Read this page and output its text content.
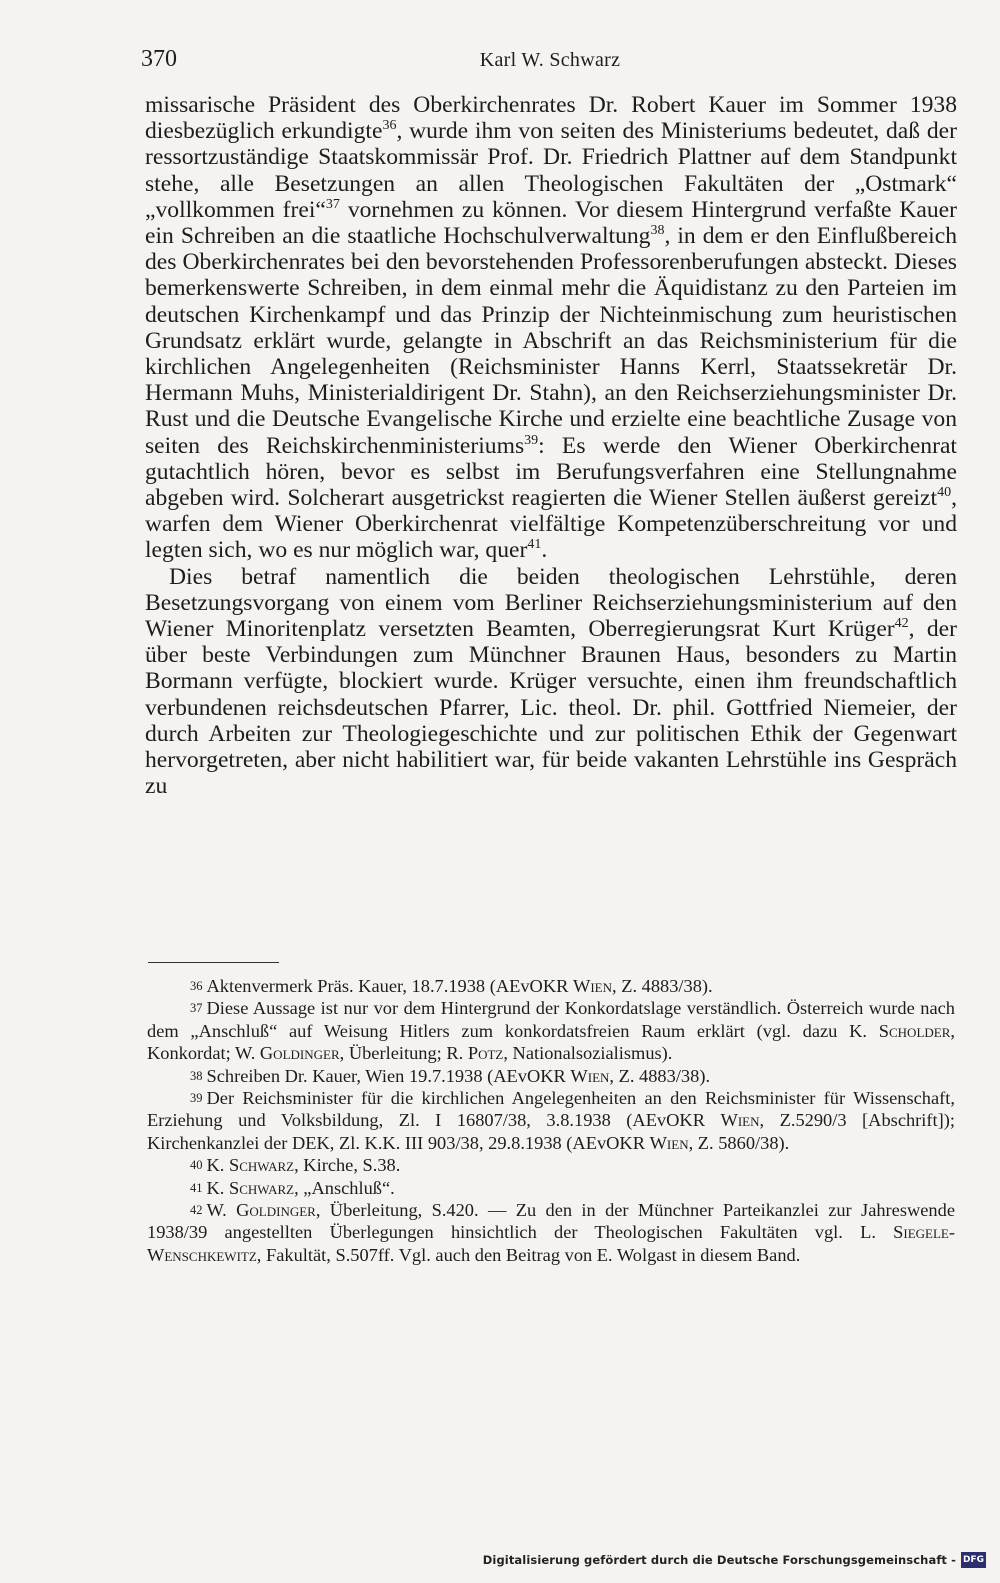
370	Karl W. Schwarz

missarische Präsident des Oberkirchenrates Dr. Robert Kauer im Sommer 1938 diesbezüglich erkundigte$^{36}$, wurde ihm von seiten des Ministeriums bedeutet, daß der ressortzuständige Staatskommissär Prof. Dr. Friedrich Plattner auf dem Standpunkt stehe, alle Besetzungen an allen Theologischen Fakultäten der „Ostmark“ „vollkommen frei“$^{37}$ vornehmen zu können. Vor diesem Hintergrund verfaßte Kauer ein Schreiben an die staatliche Hochschulverwaltung$^{38}$, in dem er den Einflußbereich des Oberkirchenrates bei den bevorstehenden Professorenberufungen absteckt. Dieses bemerkenswerte Schreiben, in dem einmal mehr die Äquidistanz zu den Parteien im deutschen Kirchenkampf und das Prinzip der Nichteinmischung zum heuristischen Grundsatz erklärt wurde, gelangte in Abschrift an das Reichsministerium für die kirchlichen Angelegenheiten (Reichsminister Hanns Kerrl, Staatssekretär Dr. Hermann Muhs, Ministerialdirigent Dr. Stahn), an den Reichserziehungsminister Dr. Rust und die Deutsche Evangelische Kirche und erzielte eine beachtliche Zusage von seiten des Reichskirchenministeriums$^{39}$: Es werde den Wiener Oberkirchenrat gutachtlich hören, bevor es selbst im Berufungsverfahren eine Stellungnahme abgeben wird. Solcherart ausgetrickst reagierten die Wiener Stellen äußerst gereizt$^{40}$, warfen dem Wiener Oberkirchenrat vielfältige Kompetenzüberschreitung vor und legten sich, wo es nur möglich war, quer$^{41}$.

Dies betraf namentlich die beiden theologischen Lehrstühle, deren Besetzungsvorgang von einem vom Berliner Reichserziehungsministerium auf den Wiener Minoritenplatz versetzten Beamten, Oberregierungsrat Kurt Krüger$^{42}$, der über beste Verbindungen zum Münchner Braunen Haus, besonders zu Martin Bormann verfügte, blockiert wurde. Krüger versuchte, einen ihm freundschaftlich verbundenen reichsdeutschen Pfarrer, Lic. theol. Dr. phil. Gottfried Niemeier, der durch Arbeiten zur Theologiegeschichte und zur politischen Ethik der Gegenwart hervorgetreten, aber nicht habilitiert war, für beide vakanten Lehrstühle ins Gespräch zu

36 Aktenvermerk Präs. Kauer, 18.7.1938 (AEvOKR Wien, Z. 4883/38).

37 Diese Aussage ist nur vor dem Hintergrund der Konkordatslage verständlich. Österreich wurde nach dem „Anschluß“ auf Weisung Hitlers zum konkordatsfreien Raum erklärt (vgl. dazu K. Scholder, Konkordat; W. Goldinger, Überleitung; R. Potz, Nationalsozialismus).

38 Schreiben Dr. Kauer, Wien 19.7.1938 (AEvOKR Wien, Z. 4883/38).

39 Der Reichsminister für die kirchlichen Angelegenheiten an den Reichsminister für Wissenschaft, Erziehung und Volksbildung, Zl. I 16807/38, 3.8.1938 (AEvOKR Wien, Z.5290/3 [Abschrift]); Kirchenkanzlei der DEK, Zl. K.K. III 903/38, 29.8.1938 (AEvOKR Wien, Z. 5860/38).

40 K. Schwarz, Kirche, S.38.

41 K. Schwarz, „Anschluß“.

42 W. Goldinger, Überleitung, S.420. — Zu den in der Münchner Parteikanzlei zur Jahreswende 1938/39 angestellten Überlegungen hinsichtlich der Theologischen Fakultäten vgl. L. Siegele-Wenschkewitz, Fakultät, S.507ff. Vgl. auch den Beitrag von E. Wolgast in diesem Band.

Digitalisierung gefördert durch die Deutsche Forschungsgemeinschaft - DFG
